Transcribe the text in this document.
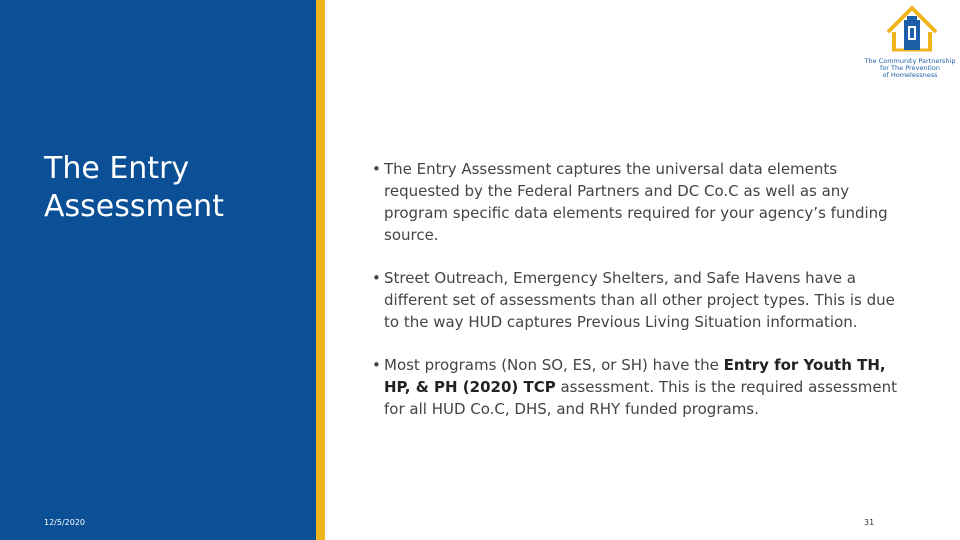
The Entry Assessment
12/5/2020	31
• The Entry Assessment captures the universal data elements requested by the Federal Partners and DC Co.C as well as any program specific data elements required for your agency’s funding source.
• Street Outreach, Emergency Shelters, and Safe Havens have a different set of assessments than all other project types. This is due to the way HUD captures Previous Living Situation information.
• Most programs (Non SO, ES, or SH) have the Entry for Youth TH, HP, & PH (2020) TCP assessment. This is the required assessment for all HUD Co.C, DHS, and RHY funded programs.
The Community Partnership
for The Prevention
of Homelessness
